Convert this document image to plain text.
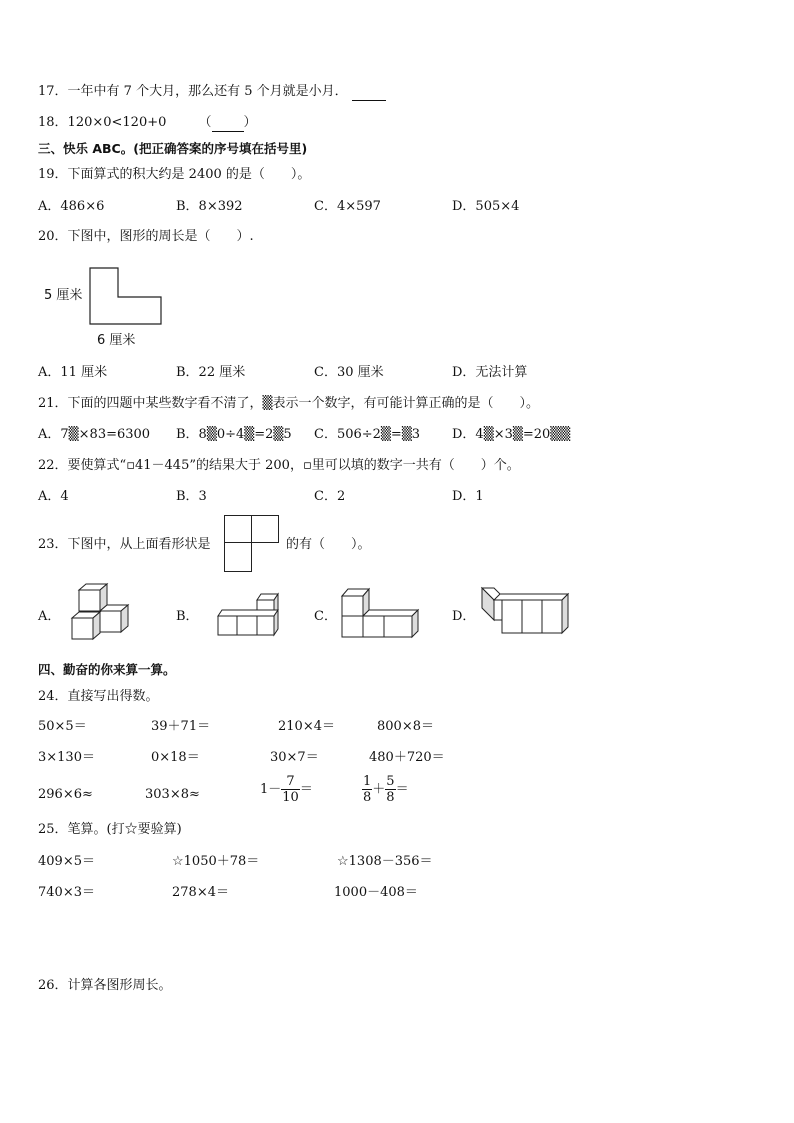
17．一年中有 7 个大月，那么还有 5 个月就是小月．
18．120×0<120+0 （ ）
三、快乐 ABC。(把正确答案的序号填在括号里)
19．下面算式的积大约是 2400 的是（　　）。
A．486×6	B．8×392	C．4×597	D．505×4
20．下图中，图形的周长是（　　）.
5 厘米
6 厘米
A．11 厘米	B．22 厘米	C．30 厘米	D．无法计算
21．下面的四题中某些数字看不清了，▒表示一个数字，有可能计算正确的是（　　）。
A．7▒×83=6300 B．8▒0÷4▒=2▒5 C．506÷2▒=▒3 D．4▒×3▒=20▒▒
22．要使算式“▫41－445”的结果大于 200，▫里可以填的数字一共有（　　）个。
A．4	B．3	C．2	D．1
23．下图中，从上面看形状是	的有（　　）。
A．	B．	C．	D．
四、勤奋的你来算一算。
24．直接写出得数。
50×5＝	39＋71＝	210×4＝	800×8＝
3×130＝	0×18＝	30×7＝	480＋720＝
296×6≈	303×8≈	$1- \frac{7}{10}$ ＝	$\frac{1}{8} + \frac{5}{8}$ ＝
25．笔算。(打☆要验算)
409×5＝	☆1050＋78＝	☆1308－356＝
740×3＝	278×4＝	1000－408＝
26．计算各图形周长。
